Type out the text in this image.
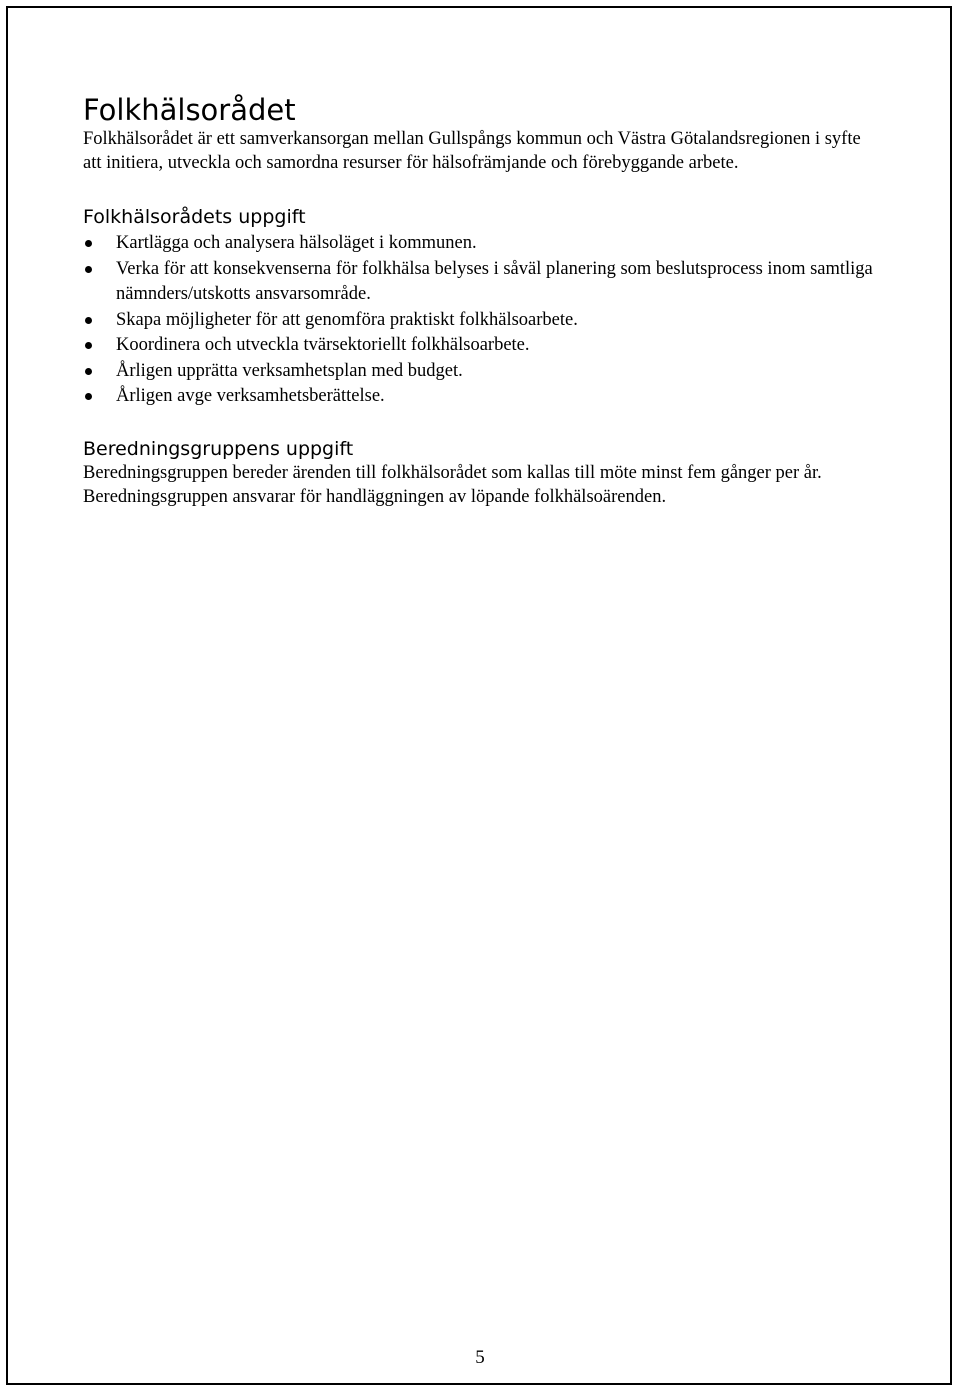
Folkhälsorådet

Folkhälsorådet är ett samverkansorgan mellan Gullspångs kommun och Västra Götalandsregionen i syfte att initiera, utveckla och samordna resurser för hälsofrämjande och förebyggande arbete.

Folkhälsorådets uppgift
Kartlägga och analysera hälsoläget i kommunen.
Verka för att konsekvenserna för folkhälsa belyses i såväl planering som beslutsprocess inom samtliga nämnders/utskotts ansvarsområde.
Skapa möjligheter för att genomföra praktiskt folkhälsoarbete.
Koordinera och utveckla tvärsektoriellt folkhälsoarbete.
Årligen upprätta verksamhetsplan med budget.
Årligen avge verksamhetsberättelse.
Beredningsgruppens uppgift

Beredningsgruppen bereder ärenden till folkhälsorådet som kallas till möte minst fem gånger per år. Beredningsgruppen ansvarar för handläggningen av löpande folkhälsoärenden.

5
